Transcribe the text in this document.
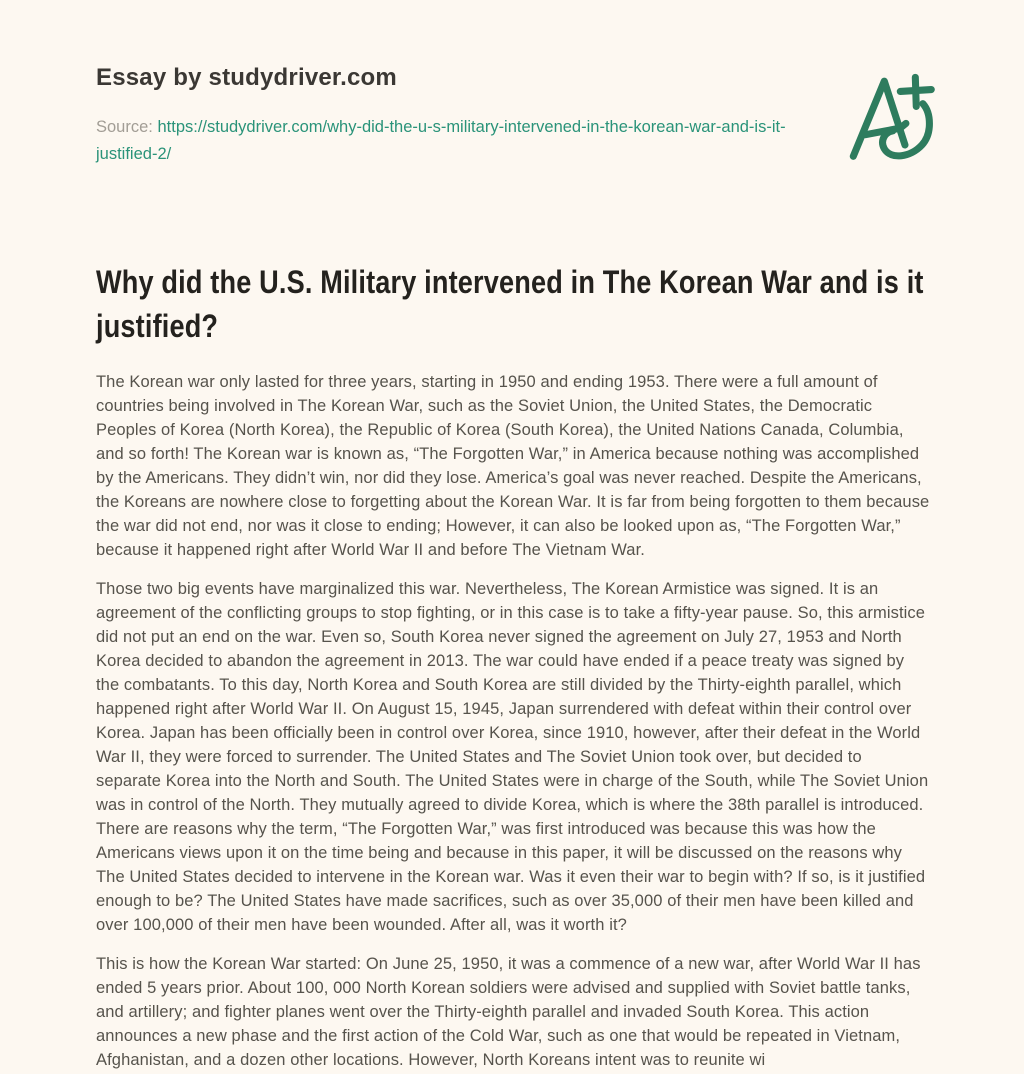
Essay by studydriver.com

Source: https://studydriver.com/why-did-the-u-s-military-intervened-in-the-korean-war-and-is-it-justified-2/

Why did the U.S. Military intervened in The Korean War and is it justified?

The Korean war only lasted for three years, starting in 1950 and ending 1953. There were a full amount of countries being involved in The Korean War, such as the Soviet Union, the United States, the Democratic Peoples of Korea (North Korea), the Republic of Korea (South Korea), the United Nations Canada, Columbia, and so forth! The Korean war is known as, “The Forgotten War,” in America because nothing was accomplished by the Americans. They didn’t win, nor did they lose. America’s goal was never reached. Despite the Americans, the Koreans are nowhere close to forgetting about the Korean War. It is far from being forgotten to them because the war did not end, nor was it close to ending; However, it can also be looked upon as, “The Forgotten War,” because it happened right after World War II and before The Vietnam War.

Those two big events have marginalized this war. Nevertheless, The Korean Armistice was signed. It is an agreement of the conflicting groups to stop fighting, or in this case is to take a fifty-year pause. So, this armistice did not put an end on the war. Even so, South Korea never signed the agreement on July 27, 1953 and North Korea decided to abandon the agreement in 2013. The war could have ended if a peace treaty was signed by the combatants. To this day, North Korea and South Korea are still divided by the Thirty-eighth parallel, which happened right after World War II. On August 15, 1945, Japan surrendered with defeat within their control over Korea. Japan has been officially been in control over Korea, since 1910, however, after their defeat in the World War II, they were forced to surrender. The United States and The Soviet Union took over, but decided to separate Korea into the North and South. The United States were in charge of the South, while The Soviet Union was in control of the North. They mutually agreed to divide Korea, which is where the 38th parallel is introduced. There are reasons why the term, “The Forgotten War,” was first introduced was because this was how the Americans views upon it on the time being and because in this paper, it will be discussed on the reasons why The United States decided to intervene in the Korean war. Was it even their war to begin with? If so, is it justified enough to be? The United States have made sacrifices, such as over 35,000 of their men have been killed and over 100,000 of their men have been wounded. After all, was it worth it?

This is how the Korean War started: On June 25, 1950, it was a commence of a new war, after World War II has ended 5 years prior. About 100, 000 North Korean soldiers were advised and supplied with Soviet battle tanks, and artillery; and fighter planes went over the Thirty-eighth parallel and invaded South Korea. This action announces a new phase and the first action of the Cold War, such as one that would be repeated in Vietnam, Afghanistan, and a dozen other locations. However, North Koreans intent was to reunite wi
